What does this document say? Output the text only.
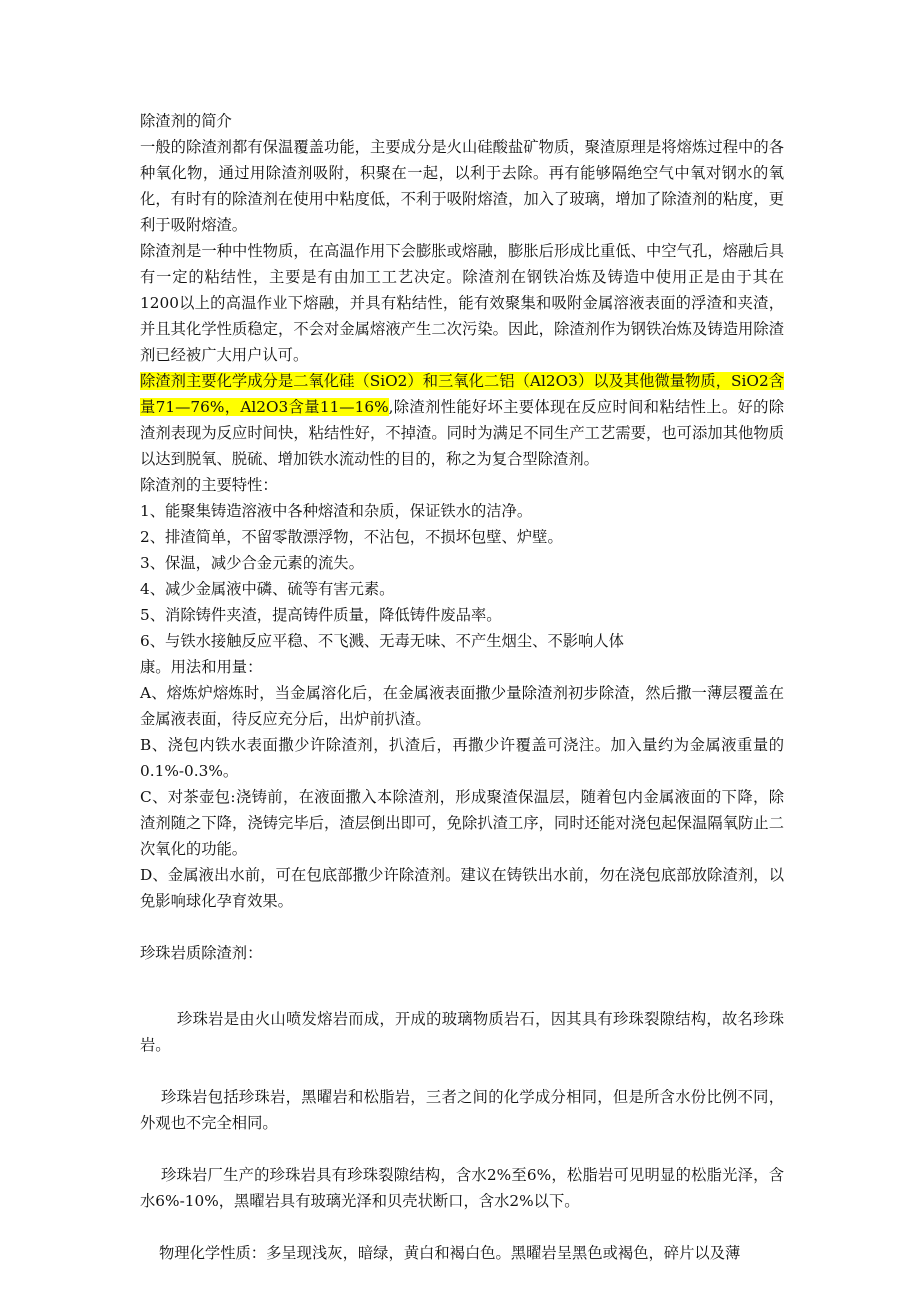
除渣剂的简介

一般的除渣剂都有保温覆盖功能，主要成分是火山硅酸盐矿物质，聚渣原理是将熔炼过程中的各种氧化物，通过用除渣剂吸附，积聚在一起，以利于去除。再有能够隔绝空气中氧对钢水的氧化，有时有的除渣剂在使用中粘度低，不利于吸附熔渣，加入了玻璃，增加了除渣剂的粘度，更利于吸附熔渣。

除渣剂是一种中性物质，在高温作用下会膨胀或熔融，膨胀后形成比重低、中空气孔，熔融后具有一定的粘结性，主要是有由加工工艺决定。除渣剂在钢铁冶炼及铸造中使用正是由于其在1200以上的高温作业下熔融，并具有粘结性，能有效聚集和吸附金属溶液表面的浮渣和夹渣，并且其化学性质稳定，不会对金属熔液产生二次污染。因此，除渣剂作为钢铁冶炼及铸造用除渣剂已经被广大用户认可。

除渣剂主要化学成分是二氧化硅（SiO2）和三氧化二铝（Al2O3）以及其他微量物质，SiO2含量71—76%，Al2O3含量11—16%,除渣剂性能好坏主要体现在反应时间和粘结性上。好的除渣剂表现为反应时间快，粘结性好，不掉渣。同时为满足不同生产工艺需要，也可添加其他物质以达到脱氧、脱硫、增加铁水流动性的目的，称之为复合型除渣剂。

除渣剂的主要特性：

1、能聚集铸造溶液中各种熔渣和杂质，保证铁水的洁净。

2、排渣简单，不留零散漂浮物，不沾包，不损坏包壁、炉壁。

3、保温，减少合金元素的流失。

4、减少金属液中磷、硫等有害元素。

5、消除铸件夹渣，提高铸件质量，降低铸件废品率。

6、与铁水接触反应平稳、不飞溅、无毒无味、不产生烟尘、不影响人体

康。用法和用量：

A、熔炼炉熔炼时，当金属溶化后，在金属液表面撒少量除渣剂初步除渣，然后撒一薄层覆盖在金属液表面，待反应充分后，出炉前扒渣。

B、浇包内铁水表面撒少许除渣剂，扒渣后，再撒少许覆盖可浇注。加入量约为金属液重量的0.1%-0.3%。

C、对茶壶包:浇铸前，在液面撒入本除渣剂，形成聚渣保温层，随着包内金属液面的下降，除渣剂随之下降，浇铸完毕后，渣层倒出即可，免除扒渣工序，同时还能对浇包起保温隔氧防止二次氧化的功能。

D、金属液出水前，可在包底部撒少许除渣剂。建议在铸铁出水前，勿在浇包底部放除渣剂，以免影响球化孕育效果。

珍珠岩质除渣剂：

珍珠岩是由火山喷发熔岩而成，开成的玻璃物质岩石，因其具有珍珠裂隙结构，故名珍珠岩。

珍珠岩包括珍珠岩，黑曜岩和松脂岩，三者之间的化学成分相同，但是所含水份比例不同，外观也不完全相同。

珍珠岩厂生产的珍珠岩具有珍珠裂隙结构，含水2%至6%，松脂岩可见明显的松脂光泽，含水6%-10%，黑曜岩具有玻璃光泽和贝壳状断口，含水2%以下。

物理化学性质：多呈现浅灰，暗绿，黄白和褐白色。黑曜岩呈黑色或褐色，碎片以及薄
